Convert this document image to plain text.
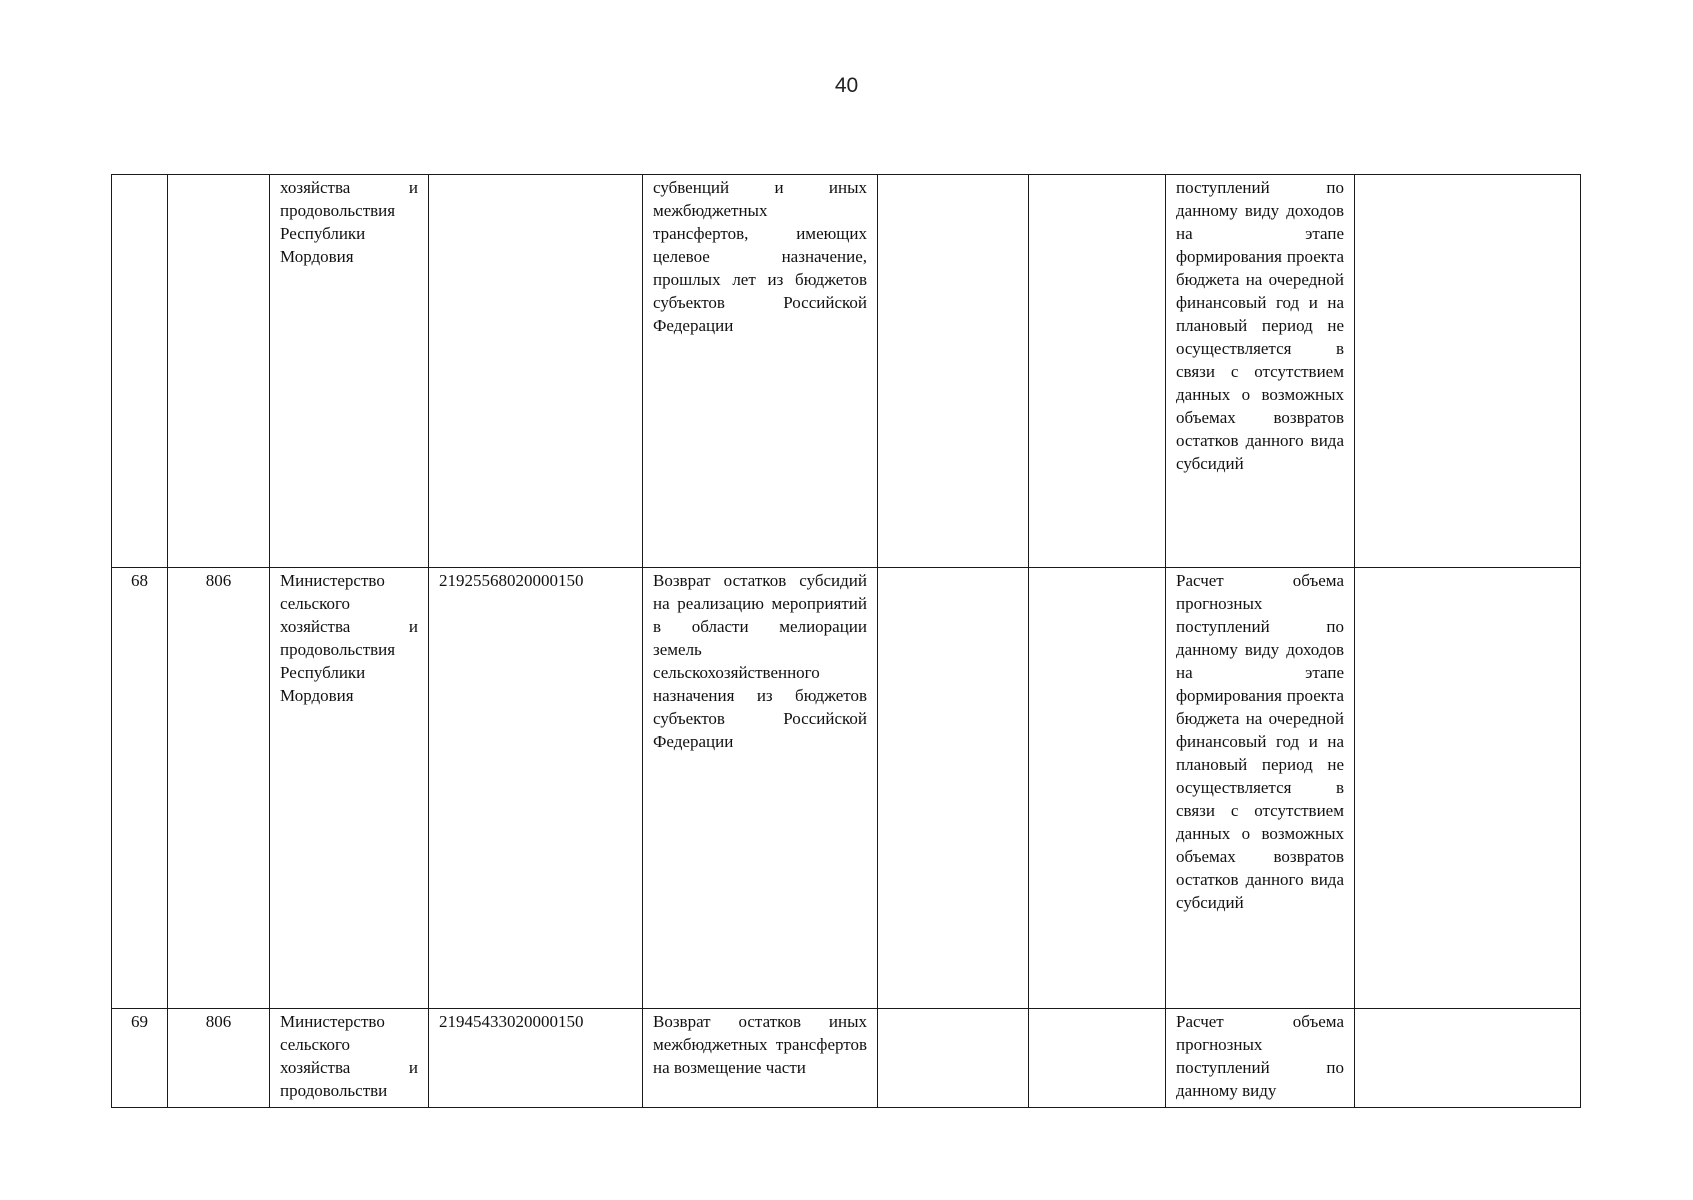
40
		хозяйства и продовольствия Республики Мордовия		субвенций и иных межбюджетных трансфертов, имеющих целевое назначение, прошлых лет из бюджетов субъектов Российской Федерации			поступлений по данному виду доходов на этапе формирования проекта бюджета на очередной финансовый год и на плановый период не осуществляется в связи с отсутствием данных о возможных объемах возвратов остатков данного вида субсидий	
68	806	Министерство сельского хозяйства и продовольствия Республики Мордовия	21925568020000150	Возврат остатков субсидий на реализацию мероприятий в области мелиорации земель сельскохозяйственного назначения из бюджетов субъектов Российской Федерации			Расчет объема прогнозных поступлений по данному виду доходов на этапе формирования проекта бюджета на очередной финансовый год и на плановый период не осуществляется в связи с отсутствием данных о возможных объемах возвратов остатков данного вида субсидий	
69	806	Министерство сельского хозяйства и продовольстви	21945433020000150	Возврат остатков иных межбюджетных трансфертов на возмещение части			Расчет объема прогнозных поступлений по данному виду	
